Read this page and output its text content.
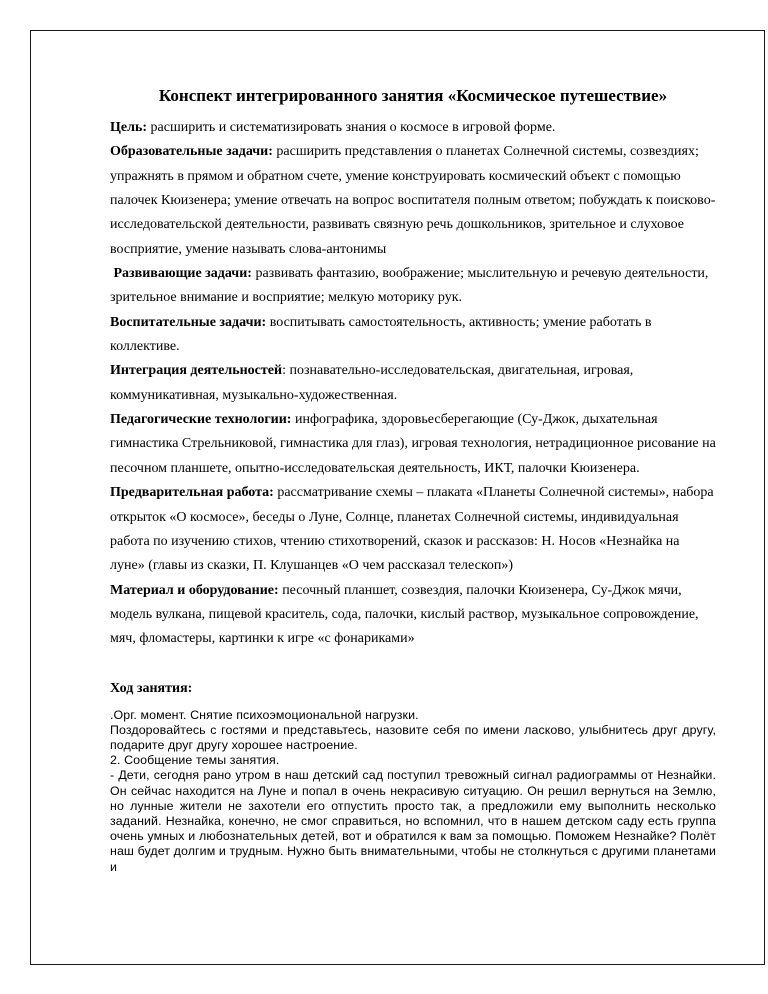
Конспект интегрированного занятия «Космическое путешествие»

Цель: расширить и систематизировать знания о космосе в игровой форме.

Образовательные задачи: расширить представления о планетах Солнечной системы, созвездиях; упражнять в прямом и обратном счете, умение конструировать космический объект с помощью палочек Кюизенера; умение отвечать на вопрос воспитателя полным ответом; побуждать к поисково-исследовательской деятельности, развивать связную речь дошкольников, зрительное и слуховое восприятие, умение называть слова-антонимы

Развивающие задачи: развивать фантазию, воображение; мыслительную и речевую деятельности, зрительное внимание и восприятие; мелкую моторику рук.

Воспитательные задачи: воспитывать самостоятельность, активность; умение работать в коллективе.

Интеграция деятельностей: познавательно-исследовательская, двигательная, игровая, коммуникативная, музыкально-художественная.

Педагогические технологии: инфографика, здоровьесберегающие (Су-Джок, дыхательная гимнастика Стрельниковой, гимнастика для глаз), игровая технология, нетрадиционное рисование на песочном планшете, опытно-исследовательская деятельность, ИКТ, палочки Кюизенера.

Предварительная работа: рассматривание схемы – плаката «Планеты Солнечной системы», набора открыток «О космосе», беседы о Луне, Солнце, планетах Солнечной системы, индивидуальная работа по изучению стихов, чтению стихотворений, сказок и рассказов: Н. Носов «Незнайка на луне» (главы из сказки, П. Клушанцев «О чем рассказал телескоп»)

Материал и оборудование: песочный планшет, созвездия, палочки Кюизенера, Су-Джок мячи, модель вулкана, пищевой краситель, сода, палочки, кислый раствор, музыкальное сопровождение, мяч, фломастеры, картинки к игре «с фонариками»

Ход занятия:

.Орг. момент. Снятие психоэмоциональной нагрузки.

Поздоровайтесь с гостями и представьтесь, назовите себя по имени ласково, улыбнитесь друг другу, подарите друг другу хорошее настроение.

2. Сообщение темы занятия.

- Дети, сегодня рано утром в наш детский сад поступил тревожный сигнал радиограммы от Незнайки. Он сейчас находится на Луне и попал в очень некрасивую ситуацию. Он решил вернуться на Землю, но лунные жители не захотели его отпустить просто так, а предложили ему выполнить несколько заданий. Незнайка, конечно, не смог справиться, но вспомнил, что в нашем детском саду есть группа очень умных и любознательных детей, вот и обратился к вам за помощью. Поможем Незнайке? Полёт наш будет долгим и трудным. Нужно быть внимательными, чтобы не столкнуться с другими планетами и
